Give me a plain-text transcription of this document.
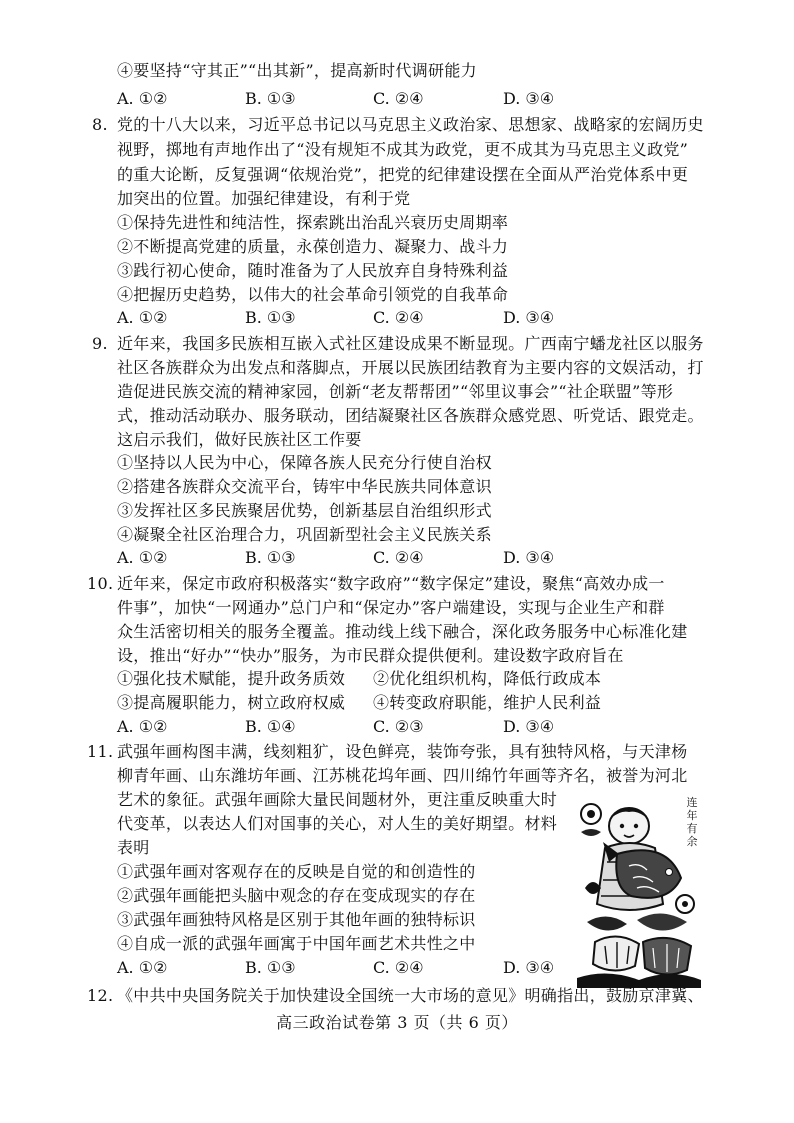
④要坚持“守其正”“出其新”，提高新时代调研能力
A. ①②	B. ①③	C. ②④	D. ③④
8. 党的十八大以来，习近平总书记以马克思主义政治家、思想家、战略家的宏阔历史
视野，掷地有声地作出了“没有规矩不成其为政党，更不成其为马克思主义政党”
的重大论断，反复强调“依规治党”，把党的纪律建设摆在全面从严治党体系中更
加突出的位置。加强纪律建设，有利于党
①保持先进性和纯洁性，探索跳出治乱兴衰历史周期率
②不断提高党建的质量，永葆创造力、凝聚力、战斗力
③践行初心使命，随时准备为了人民放弃自身特殊利益
④把握历史趋势，以伟大的社会革命引领党的自我革命
A. ①②	B. ①③	C. ②④	D. ③④
9. 近年来，我国多民族相互嵌入式社区建设成果不断显现。广西南宁蟠龙社区以服务
社区各族群众为出发点和落脚点，开展以民族团结教育为主要内容的文娱活动，打
造促进民族交流的精神家园，创新“老友帮帮团”“邻里议事会”“社企联盟”等形
式，推动活动联办、服务联动，团结凝聚社区各族群众感党恩、听党话、跟党走。
这启示我们，做好民族社区工作要
①坚持以人民为中心，保障各族人民充分行使自治权
②搭建各族群众交流平台，铸牢中华民族共同体意识
③发挥社区多民族聚居优势，创新基层自治组织形式
④凝聚全社区治理合力，巩固新型社会主义民族关系
A. ①②	B. ①③	C. ②④	D. ③④
10. 近年来，保定市政府积极落实“数字政府”“数字保定”建设，聚焦“高效办成一
件事”，加快“一网通办”总门户和“保定办”客户端建设，实现与企业生产和群
众生活密切相关的服务全覆盖。推动线上线下融合，深化政务服务中心标准化建
设，推出“好办”“快办”服务，为市民群众提供便利。建设数字政府旨在
①强化技术赋能，提升政务质效 ②优化组织机构，降低行政成本
③提高履职能力，树立政府权威 ④转变政府职能，维护人民利益
A. ①②	B. ①④	C. ②③	D. ③④
11. 武强年画构图丰满，线刻粗犷，设色鲜亮，装饰夸张，具有独特风格，与天津杨
柳青年画、山东潍坊年画、江苏桃花坞年画、四川绵竹年画等齐名，被誉为河北
艺术的象征。武强年画除大量民间题材外，更注重反映重大时
代变革，以表达人们对国事的关心，对人生的美好期望。材料
表明
①武强年画对客观存在的反映是自觉的和创造性的
②武强年画能把头脑中观念的存在变成现实的存在
③武强年画独特风格是区别于其他年画的独特标识
④自成一派的武强年画寓于中国年画艺术共性之中
A. ①②	B. ①③	C. ②④	D. ③④
连年有余
12. 《中共中央国务院关于加快建设全国统一大市场的意见》明确指出，鼓励京津冀、
高三政治试卷第 3 页（共 6 页）
